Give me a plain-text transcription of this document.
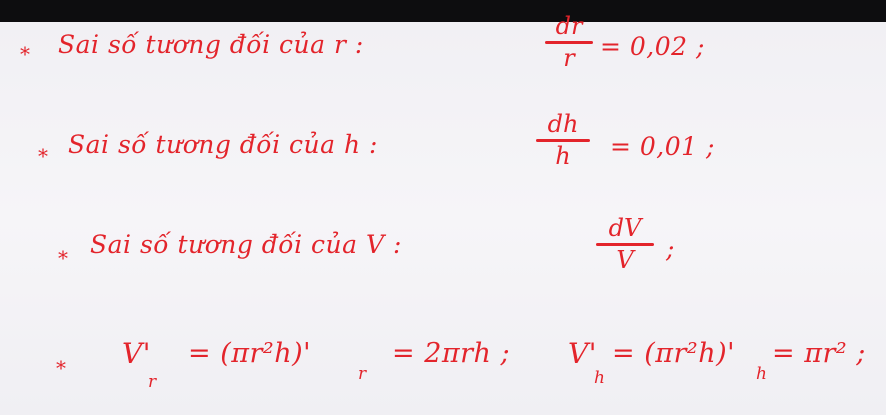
* Sai số tương đối của r :
dr
r	= 0,02 ;
* Sai số tương đối của h :
dh
h	= 0,01 ;
* Sai số tương đối của V :
dV
V	;
* V'
r
= (πr²h)'
r
= 2πrh ; V'
h
= (πr²h)'
h
= πr² ;
